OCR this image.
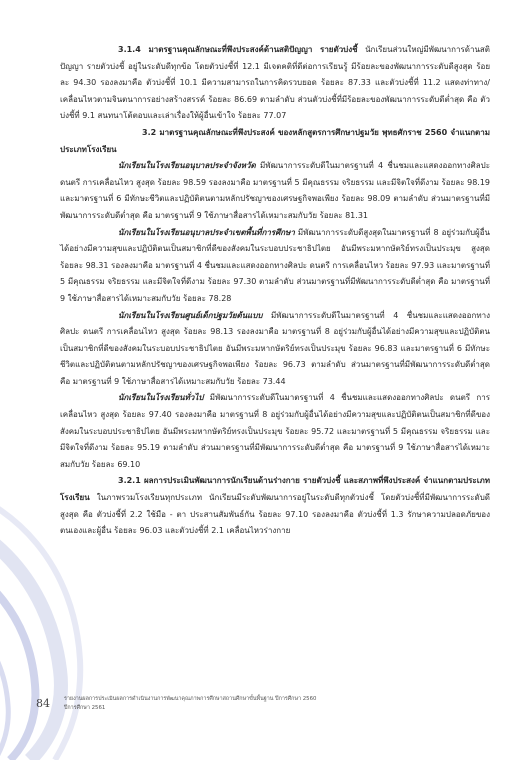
3.1.4 มาตรฐานคุณลักษณะที่พึงประสงค์ด้านสติปัญญา รายตัวบ่งชี้ นักเรียนส่วนใหญ่มีพัฒนาการด้านสติปัญญา รายตัวบ่งชี้ อยู่ในระดับดีทุกข้อ โดยตัวบ่งชี้ที่ 12.1 มีเจตคติที่ดีต่อการเรียนรู้ มีร้อยละของพัฒนาการระดับดีสูงสุด ร้อยละ 94.30 รองลงมาคือ ตัวบ่งชี้ที่ 10.1 มีความสามารถในการคิดรวบยอด ร้อยละ 87.33 และตัวบ่งชี้ที่ 11.2 แสดงท่าทาง/เคลื่อนไหวตามจินตนาการอย่างสร้างสรรค์ ร้อยละ 86.69 ตามลำดับ ส่วนตัวบ่งชี้ที่มีร้อยละของพัฒนาการระดับดีต่ำสุด คือ ตัวบ่งชี้ที่ 9.1 สนทนาโต้ตอบและเล่าเรื่องให้ผู้อื่นเข้าใจ ร้อยละ 77.07

3.2 มาตรฐานคุณลักษณะที่พึงประสงค์ ของหลักสูตรการศึกษาปฐมวัย พุทธศักราช 2560 จำแนกตามประเภทโรงเรียน

นักเรียนในโรงเรียนอนุบาลประจำจังหวัด มีพัฒนาการระดับดีในมาตรฐานที่ 4 ชื่นชมและแสดงออกทางศิลปะ ดนตรี การเคลื่อนไหว สูงสุด ร้อยละ 98.59 รองลงมาคือ มาตรฐานที่ 5 มีคุณธรรม จริยธรรม และมีจิตใจที่ดีงาม ร้อยละ 98.19 และมาตรฐานที่ 6 มีทักษะชีวิตและปฏิบัติตนตามหลักปรัชญาของเศรษฐกิจพอเพียง ร้อยละ 98.09 ตามลำดับ ส่วนมาตรฐานที่มีพัฒนาการระดับดีต่ำสุด คือ มาตรฐานที่ 9 ใช้ภาษาสื่อสารได้เหมาะสมกับวัย ร้อยละ 81.31

นักเรียนในโรงเรียนอนุบาลประจำเขตพื้นที่การศึกษา มีพัฒนาการระดับดีสูงสุดในมาตรฐานที่ 8 อยู่ร่วมกับผู้อื่นได้อย่างมีความสุขและปฏิบัติตนเป็นสมาชิกที่ดีของสังคมในระบอบประชาธิปไตย อันมีพระมหากษัตริย์ทรงเป็นประมุข สูงสุด ร้อยละ 98.31 รองลงมาคือ มาตรฐานที่ 4 ชื่นชมและแสดงออกทางศิลปะ ดนตรี การเคลื่อนไหว ร้อยละ 97.93 และมาตรฐานที่ 5 มีคุณธรรม จริยธรรม และมีจิตใจที่ดีงาม ร้อยละ 97.30 ตามลำดับ ส่วนมาตรฐานที่มีพัฒนาการระดับดีต่ำสุด คือ มาตรฐานที่ 9 ใช้ภาษาสื่อสารได้เหมาะสมกับวัย ร้อยละ 78.28

นักเรียนในโรงเรียนศูนย์เด็กปฐมวัยต้นแบบ มีพัฒนาการระดับดีในมาตรฐานที่ 4 ชื่นชมและแสดงออกทางศิลปะ ดนตรี การเคลื่อนไหว สูงสุด ร้อยละ 98.13 รองลงมาคือ มาตรฐานที่ 8 อยู่ร่วมกับผู้อื่นได้อย่างมีความสุขและปฏิบัติตนเป็นสมาชิกที่ดีของสังคมในระบอบประชาธิปไตย อันมีพระมหากษัตริย์ทรงเป็นประมุข ร้อยละ 96.83 และมาตรฐานที่ 6 มีทักษะชีวิตและปฏิบัติตนตามหลักปรัชญาของเศรษฐกิจพอเพียง ร้อยละ 96.73 ตามลำดับ ส่วนมาตรฐานที่มีพัฒนาการระดับดีต่ำสุด คือ มาตรฐานที่ 9 ใช้ภาษาสื่อสารได้เหมาะสมกับวัย ร้อยละ 73.44

นักเรียนในโรงเรียนทั่วไป มีพัฒนาการระดับดีในมาตรฐานที่ 4 ชื่นชมและแสดงออกทางศิลปะ ดนตรี การเคลื่อนไหว สูงสุด ร้อยละ 97.40 รองลงมาคือ มาตรฐานที่ 8 อยู่ร่วมกับผู้อื่นได้อย่างมีความสุขและปฏิบัติตนเป็นสมาชิกที่ดีของสังคมในระบอบประชาธิปไตย อันมีพระมหากษัตริย์ทรงเป็นประมุข ร้อยละ 95.72 และมาตรฐานที่ 5 มีคุณธรรม จริยธรรม และมีจิตใจที่ดีงาม ร้อยละ 95.19 ตามลำดับ ส่วนมาตรฐานที่มีพัฒนาการระดับดีต่ำสุด คือ มาตรฐานที่ 9 ใช้ภาษาสื่อสารได้เหมาะสมกับวัย ร้อยละ 69.10

3.2.1 ผลการประเมินพัฒนาการนักเรียนด้านร่างกาย รายตัวบ่งชี้ และสภาพที่พึงประสงค์ จำแนกตามประเภทโรงเรียน ในภาพรวมโรงเรียนทุกประเภท นักเรียนมีระดับพัฒนาการอยู่ในระดับดีทุกตัวบ่งชี้ โดยตัวบ่งชี้ที่มีพัฒนาการระดับดีสูงสุด คือ ตัวบ่งชี้ที่ 2.2 ใช้มือ - ตา ประสานสัมพันธ์กัน ร้อยละ 97.10 รองลงมาคือ ตัวบ่งชี้ที่ 1.3 รักษาความปลอดภัยของตนเองและผู้อื่น ร้อยละ 96.03 และตัวบ่งชี้ที่ 2.1 เคลื่อนไหวร่างกาย

84	รายงานผลการประเมินผลการดำเนินงานการพัฒนาคุณภาพการศึกษาสถานศึกษาขั้นพื้นฐาน ปีการศึกษา 2560
ปีการศึกษา 2561
